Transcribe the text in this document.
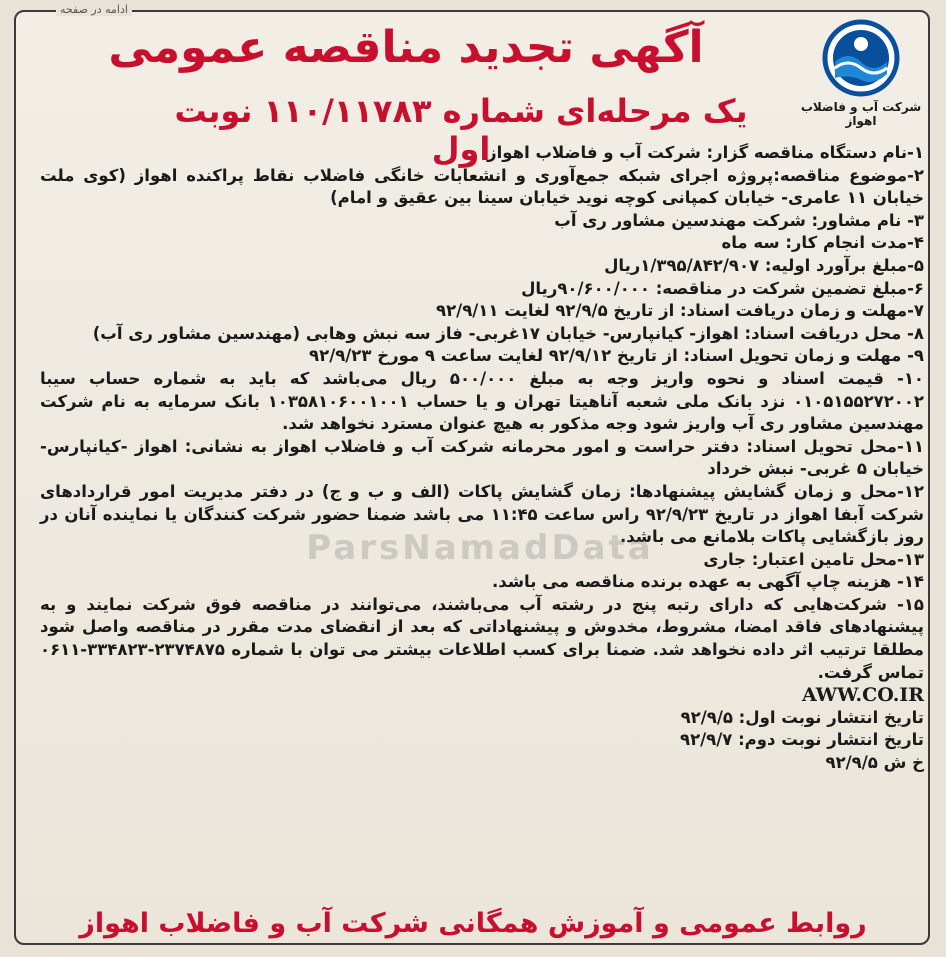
ادامه در صفحه
شرکت آب و فاضلاب اهواز
آگهی تجدید مناقصه عمومی
یک مرحله‌ای شماره ۱۱۰/۱۱۷۸۳ نوبت اول

۱-نام دستگاه مناقصه گزار: شرکت آب و فاضلاب اهواز

۲-موضوع مناقصه:پروژه اجرای شبکه جمع‌آوری و انشعابات خانگی فاضلاب نقاط پراکنده اهواز (کوی ملت خیابان ۱۱ عامری- خیابان کمپانی کوچه نوید خیابان سینا بین عقیق و امام)

۳- نام مشاور: شرکت مهندسین مشاور ری آب

۴-مدت انجام کار: سه ماه

۵-مبلغ برآورد اولیه: ۱/۳۹۵/۸۴۲/۹۰۷ریال

۶-مبلغ تضمین شرکت در مناقصه: ۹۰/۶۰۰/۰۰۰ریال

۷-مهلت و زمان دریافت اسناد: از تاریخ ۹۲/۹/۵ لغایت ۹۲/۹/۱۱

۸- محل دریافت اسناد: اهواز- کیانپارس- خیابان ۱۷غربی- فاز سه نبش وهابی (مهندسین مشاور ری آب)

۹- مهلت و زمان تحویل اسناد: از تاریخ ۹۲/۹/۱۲ لغایت ساعت ۹ مورخ ۹۲/۹/۲۳

۱۰- قیمت اسناد و نحوه واریز وجه به مبلغ ۵۰۰/۰۰۰ ریال می‌باشد که باید به شماره حساب سیبا ۰۱۰۵۱۵۵۲۷۲۰۰۲ نزد بانک ملی شعبه آناهیتا تهران و یا حساب ۱۰۳۵۸۱۰۶۰۰۱۰۰۱ بانک سرمایه به نام شرکت مهندسین مشاور ری آب واریز شود وجه مذکور به هیچ عنوان مسترد نخواهد شد.

۱۱-محل تحویل اسناد: دفتر حراست و امور محرمانه شرکت آب و فاضلاب اهواز به نشانی: اهواز -کیانپارس- خیابان ۵ غربی- نبش خرداد

۱۲-محل و زمان گشایش پیشنهادها: زمان گشایش پاکات (الف و ب و ج) در دفتر مدیریت امور قراردادهای شرکت آبفا اهواز در تاریخ ۹۲/۹/۲۳ راس ساعت ۱۱:۴۵ می باشد ضمنا حضور شرکت کنندگان یا نماینده آنان در روز بازگشایی پاکات بلامانع می باشد.

۱۳-محل تامین اعتبار: جاری

۱۴- هزینه چاپ آگهی به عهده برنده مناقصه می باشد.

۱۵- شرکت‌هایی که دارای رتبه پنج در رشته آب می‌باشند، می‌توانند در مناقصه فوق شرکت نمایند و به پیشنهادهای فاقد امضا، مشروط، مخدوش و پیشنهاداتی که بعد از انقضای مدت مقرر در مناقصه واصل شود مطلقا ترتیب اثر داده نخواهد شد. ضمنا برای کسب اطلاعات بیشتر می توان با شماره ۲۳۷۴۸۷۵-۳۳۴۸۲۳-۰۶۱۱ تماس گرفت.

AWW.CO.IR

تاریخ انتشار نوبت اول: ۹۲/۹/۵

تاریخ انتشار نوبت دوم: ۹۲/۹/۷

خ ش ۹۲/۹/۵

ParsNamadData
روابط عمومی و آموزش همگانی شرکت آب و فاضلاب اهواز
